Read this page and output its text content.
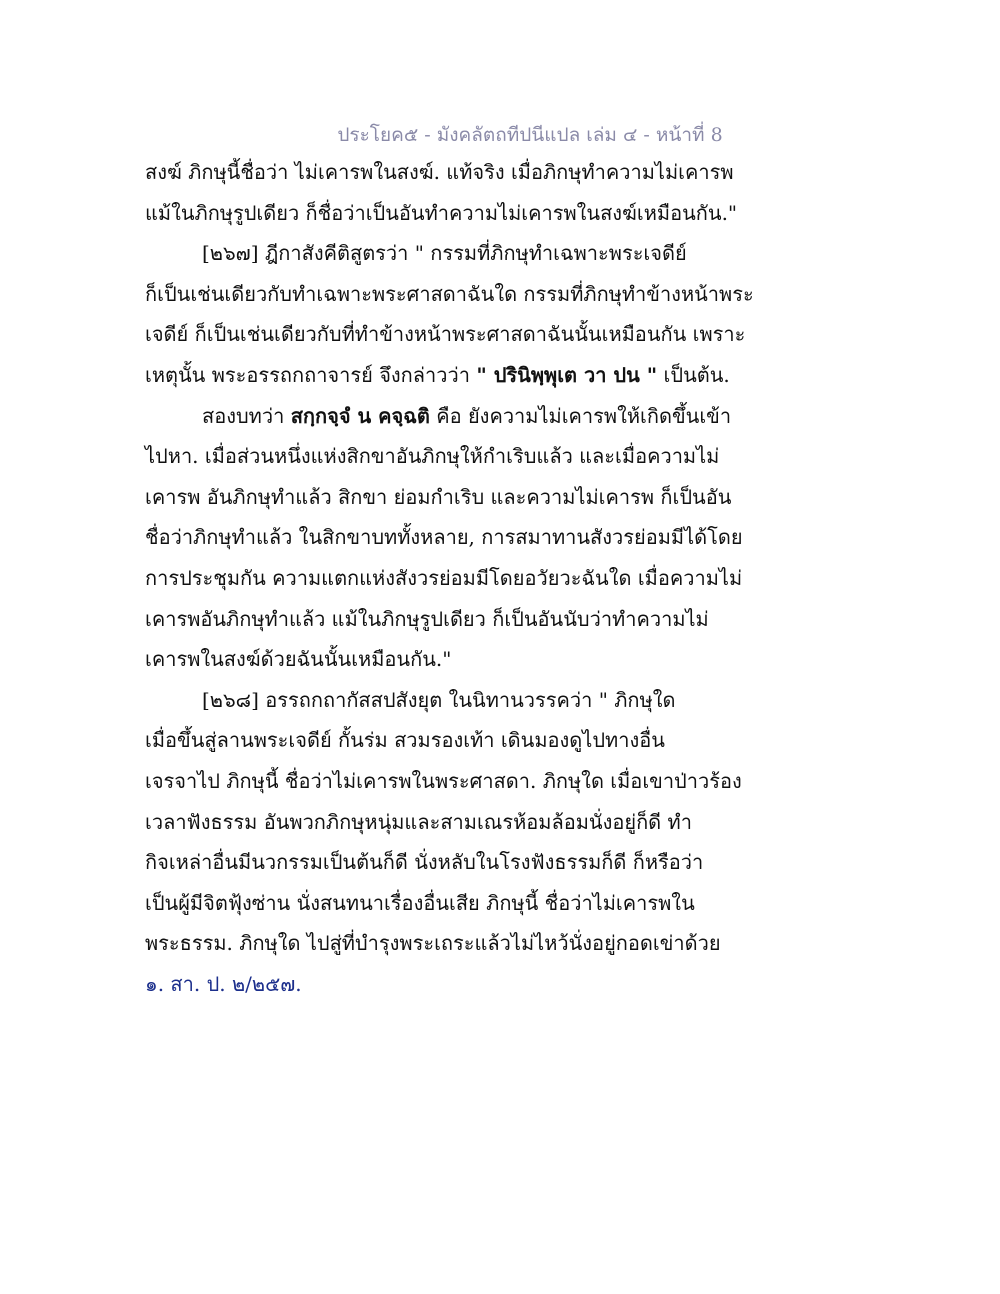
ประโยค๕ - มังคลัตถทีปนีแปล เล่ม ๔ - หน้าที่ 8
สงฆ์ ภิกษุนี้ชื่อว่า ไม่เคารพในสงฆ์. แท้จริง เมื่อภิกษุทำความไม่เคารพ
แม้ในภิกษุรูปเดียว ก็ชื่อว่าเป็นอันทำความไม่เคารพในสงฆ์เหมือนกัน."
[๒๖๗] ฎีกาสังคีติสูตรว่า " กรรมที่ภิกษุทำเฉพาะพระเจดีย์
ก็เป็นเช่นเดียวกับทำเฉพาะพระศาสดาฉันใด กรรมที่ภิกษุทำข้างหน้าพระ
เจดีย์ ก็เป็นเช่นเดียวกับที่ทำข้างหน้าพระศาสดาฉันนั้นเหมือนกัน เพราะ
เหตุนั้น พระอรรถกถาจารย์ จึงกล่าวว่า " ปรินิพฺพุเต วา ปน " เป็นต้น.
สองบทว่า สกฺกจฺจํ น คจฺฉติ คือ ยังความไม่เคารพให้เกิดขึ้นเข้า
ไปหา. เมื่อส่วนหนึ่งแห่งสิกขาอันภิกษุให้กำเริบแล้ว และเมื่อความไม่
เคารพ อันภิกษุทำแล้ว สิกขา ย่อมกำเริบ และความไม่เคารพ ก็เป็นอัน
ชื่อว่าภิกษุทำแล้ว ในสิกขาบททั้งหลาย, การสมาทานสังวรย่อมมีได้โดย
การประชุมกัน ความแตกแห่งสังวรย่อมมีโดยอวัยวะฉันใด เมื่อความไม่
เคารพอันภิกษุทำแล้ว แม้ในภิกษุรูปเดียว ก็เป็นอันนับว่าทำความไม่
เคารพในสงฆ์ด้วยฉันนั้นเหมือนกัน."
[๒๖๘] อรรถกถากัสสปสังยุต ในนิทานวรรคว่า " ภิกษุใด
เมื่อขึ้นสู่ลานพระเจดีย์ กั้นร่ม สวมรองเท้า เดินมองดูไปทางอื่น
เจรจาไป ภิกษุนี้ ชื่อว่าไม่เคารพในพระศาสดา. ภิกษุใด เมื่อเขาป่าวร้อง
เวลาฟังธรรม อันพวกภิกษุหนุ่มและสามเณรห้อมล้อมนั่งอยู่ก็ดี ทำ
กิจเหล่าอื่นมีนวกรรมเป็นต้นก็ดี นั่งหลับในโรงฟังธรรมก็ดี ก็หรือว่า
เป็นผู้มีจิตฟุ้งซ่าน นั่งสนทนาเรื่องอื่นเสีย ภิกษุนี้ ชื่อว่าไม่เคารพใน
พระธรรม. ภิกษุใด ไปสู่ที่บำรุงพระเถระแล้วไม่ไหว้นั่งอยู่กอดเข่าด้วย
๑. สา. ป. ๒/๒๕๗.
